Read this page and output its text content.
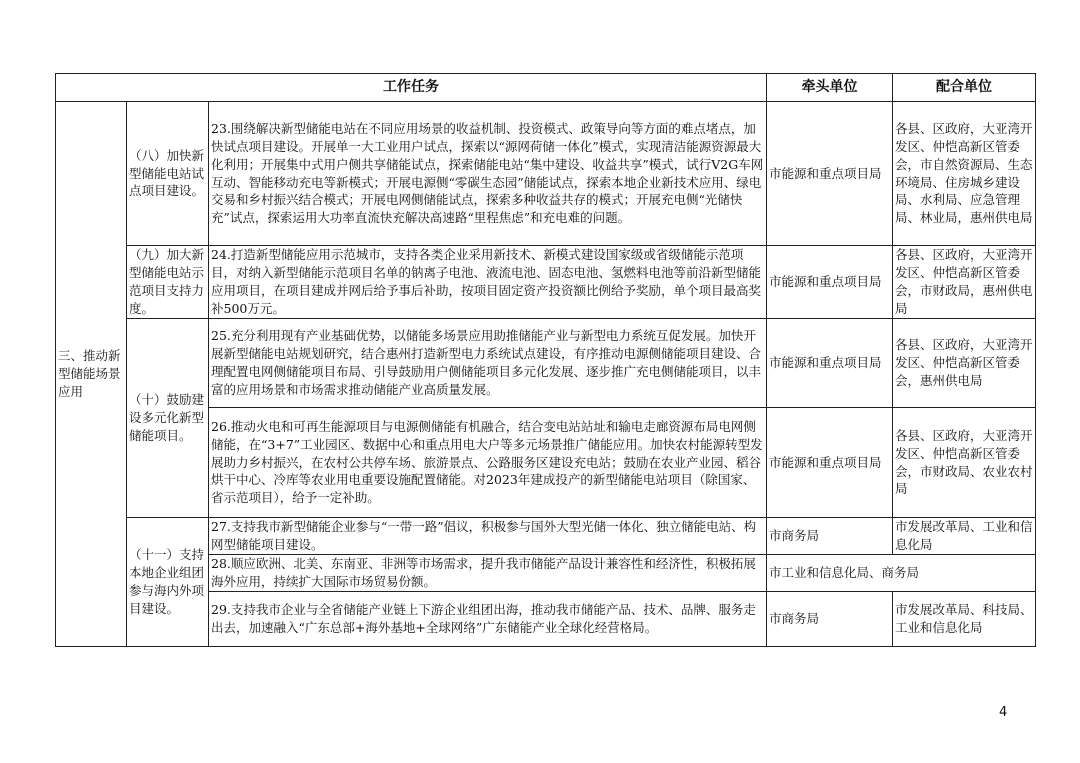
工作任务			牵头单位	配合单位
三、推动新型储能场景应用	（八）加快新型储能电站试点项目建设。	23.围绕解决新型储能电站在不同应用场景的收益机制、投资模式、政策导向等方面的难点堵点，加快试点项目建设。开展单一大工业用户试点，探索以“源网荷储一体化”模式，实现清洁能源资源最大化利用；开展集中式用户侧共享储能试点，探索储能电站“集中建设、收益共享”模式，试行V2G车网互动、智能移动充电等新模式；开展电源侧“零碳生态园”储能试点，探索本地企业新技术应用、绿电交易和乡村振兴结合模式；开展电网侧储能试点，探索多种收益共存的模式；开展充电侧“光储快充”试点，探索运用大功率直流快充解决高速路“里程焦虑”和充电难的问题。	市能源和重点项目局	各县、区政府，大亚湾开发区、仲恺高新区管委会，市自然资源局、生态环境局、住房城乡建设局、水利局、应急管理局、林业局，惠州供电局
	（九）加大新型储能电站示范项目支持力度。	24.打造新型储能应用示范城市，支持各类企业采用新技术、新模式建设国家级或省级储能示范项目，对纳入新型储能示范项目名单的钠离子电池、液流电池、固态电池、氢燃料电池等前沿新型储能应用项目，在项目建成并网后给予事后补助，按项目固定资产投资额比例给予奖励，单个项目最高奖补500万元。	市能源和重点项目局	各县、区政府，大亚湾开发区、仲恺高新区管委会，市财政局，惠州供电局
	（十）鼓励建设多元化新型储能项目。	25.充分利用现有产业基础优势，以储能多场景应用助推储能产业与新型电力系统互促发展。加快开展新型储能电站规划研究，结合惠州打造新型电力系统试点建设，有序推动电源侧储能项目建设、合理配置电网侧储能项目布局、引导鼓励用户侧储能项目多元化发展、逐步推广充电侧储能项目，以丰富的应用场景和市场需求推动储能产业高质量发展。	市能源和重点项目局	各县、区政府，大亚湾开发区、仲恺高新区管委会，惠州供电局
		26.推动火电和可再生能源项目与电源侧储能有机融合，结合变电站站址和输电走廊资源布局电网侧储能，在“3+7”工业园区、数据中心和重点用电大户等多元场景推广储能应用。加快农村能源转型发展助力乡村振兴，在农村公共停车场、旅游景点、公路服务区建设充电站；鼓励在农业产业园、稻谷烘干中心、冷库等农业用电重要设施配置储能。对2023年建成投产的新型储能电站项目（除国家、省示范项目），给予一定补助。	市能源和重点项目局	各县、区政府，大亚湾开发区、仲恺高新区管委会，市财政局、农业农村局
	（十一）支持本地企业组团参与海内外项目建设。	27.支持我市新型储能企业参与“一带一路”倡议，积极参与国外大型光储一体化、独立储能电站、构网型储能项目建设。	市商务局	市发展改革局、工业和信息化局
		28.顺应欧洲、北美、东南亚、非洲等市场需求，提升我市储能产品设计兼容性和经济性，积极拓展海外应用，持续扩大国际市场贸易份额。	市工业和信息化局、商务局	
		29.支持我市企业与全省储能产业链上下游企业组团出海，推动我市储能产品、技术、品牌、服务走出去，加速融入“广东总部+海外基地+全球网络”广东储能产业全球化经营格局。	市商务局	市发展改革局、科技局、工业和信息化局
4
